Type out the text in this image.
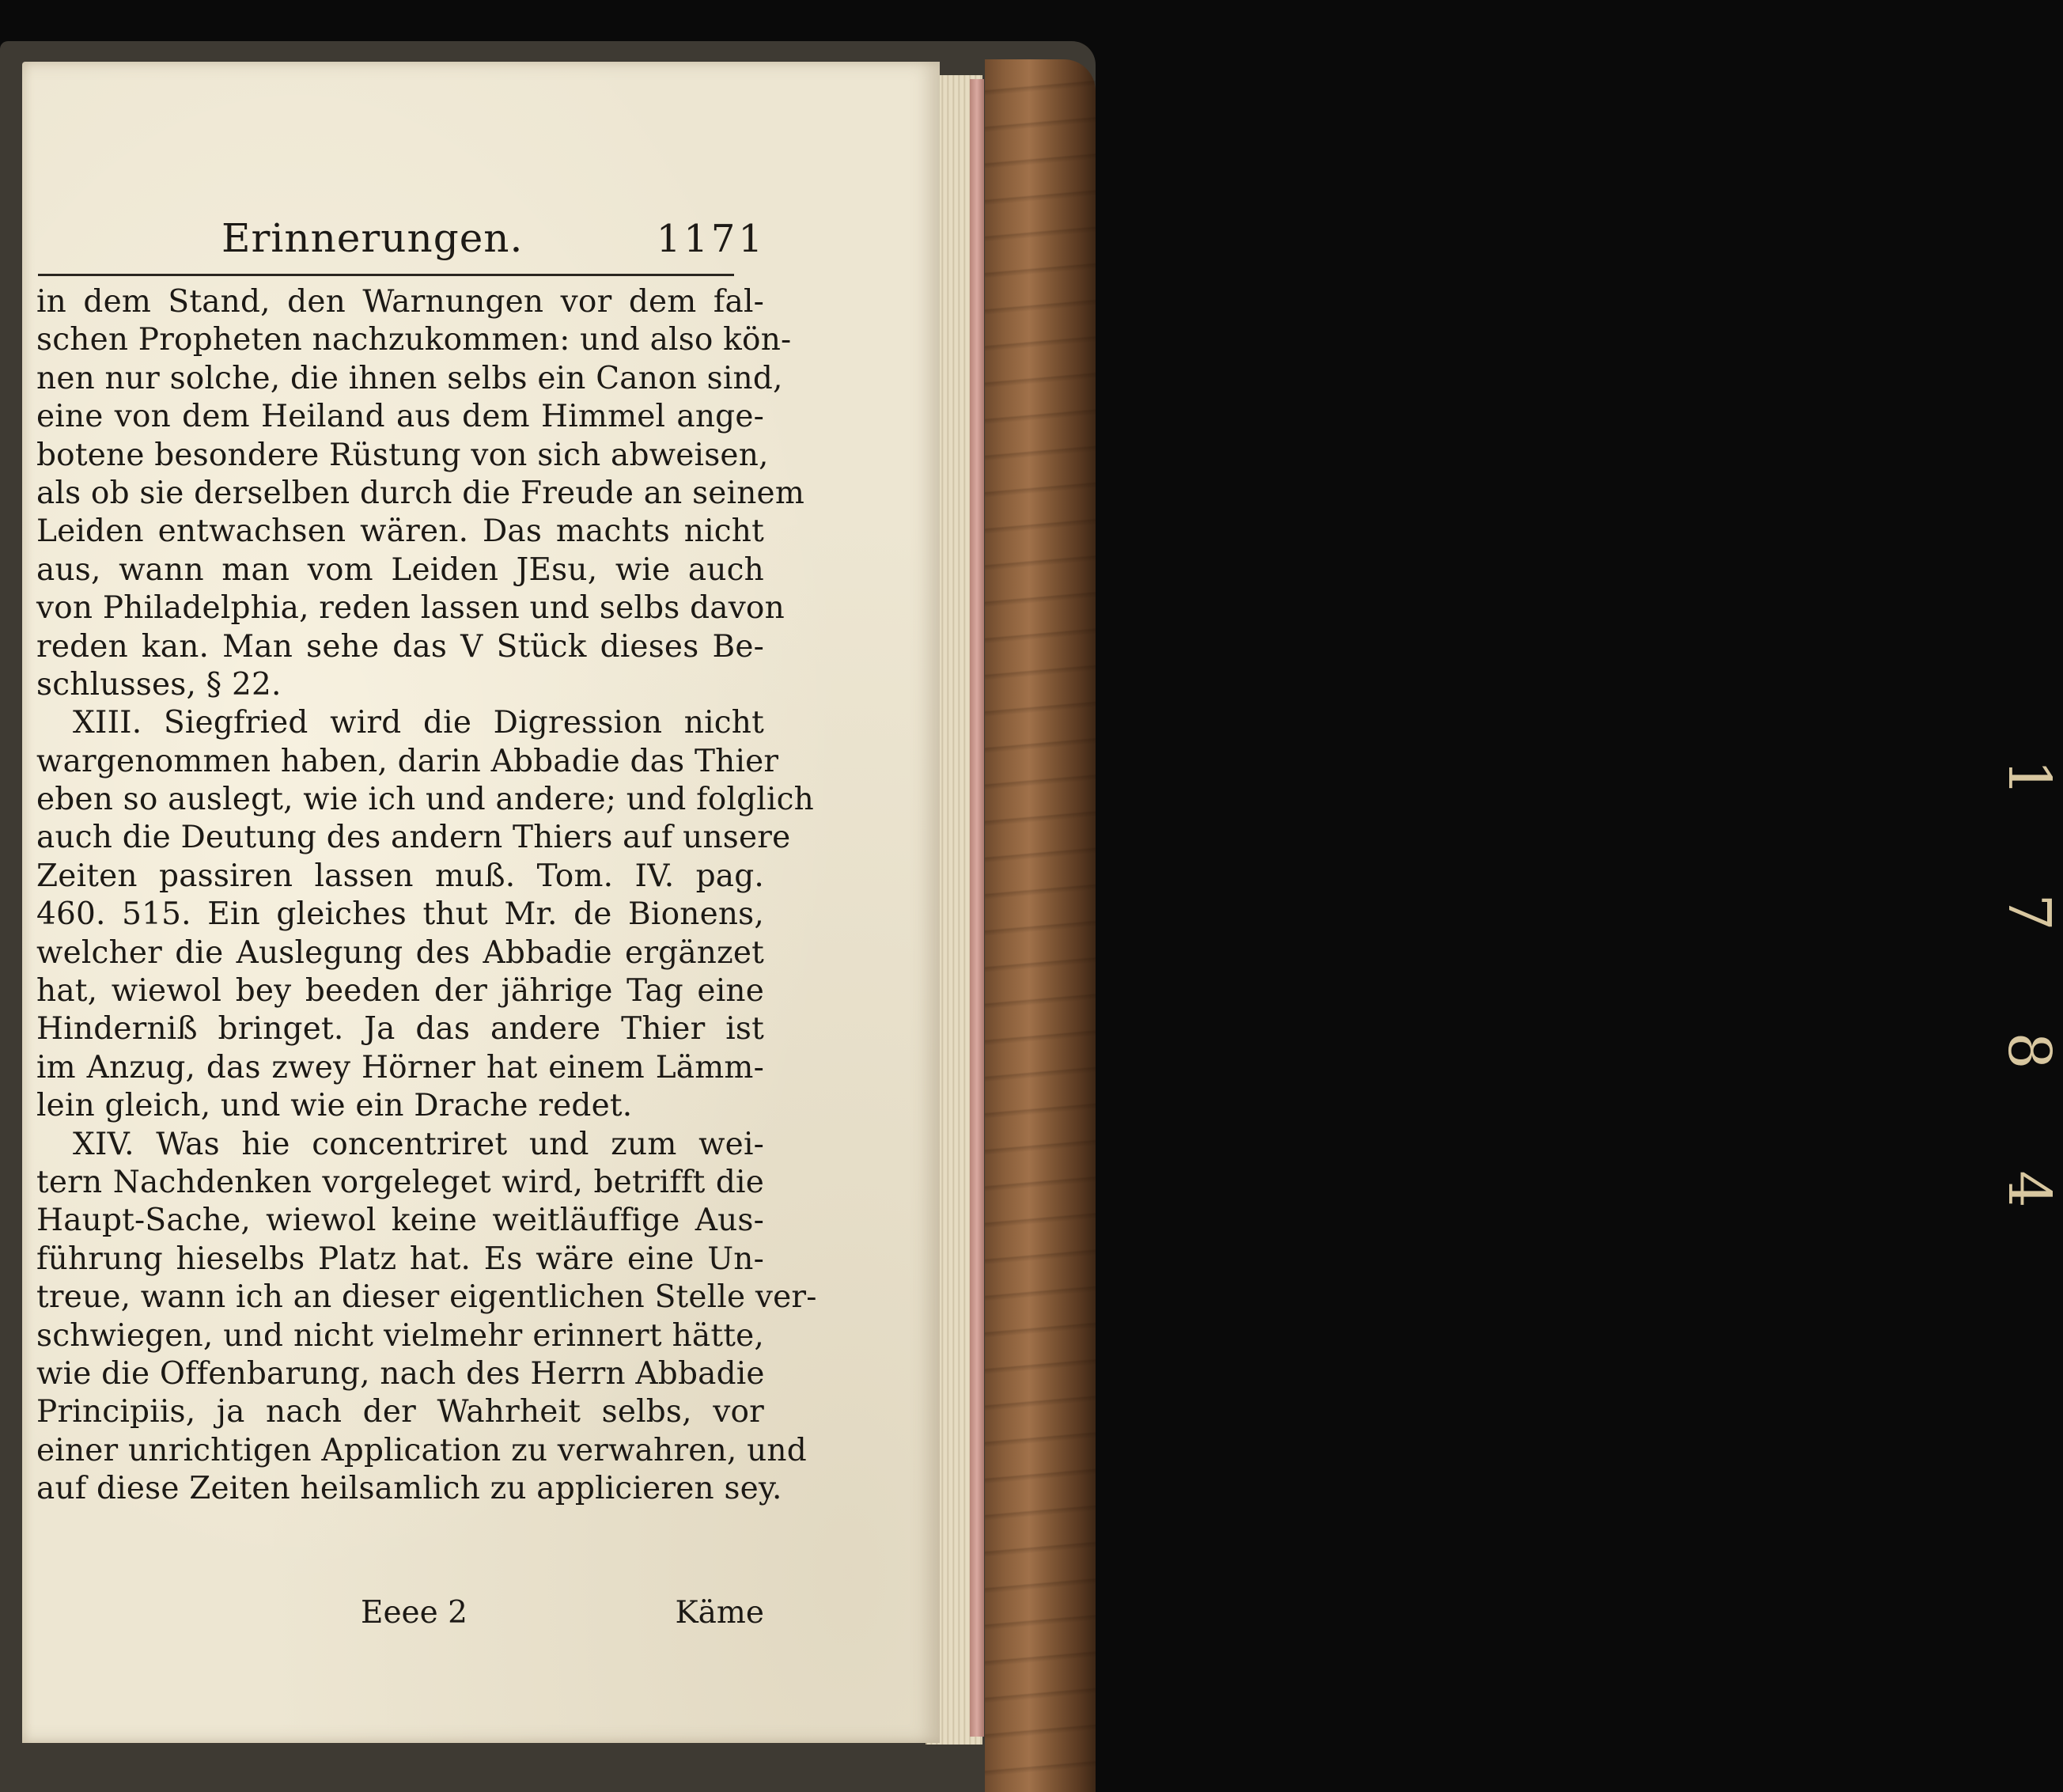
1
7
8
4
Erinnerungen.	1171
in dem Stand, den Warnungen vor dem fal-
schen Propheten nachzukommen: und also kön-
nen nur solche, die ihnen selbs ein Canon sind,
eine von dem Heiland aus dem Himmel ange-
botene besondere Rüstung von sich abweisen,
als ob sie derselben durch die Freude an seinem
Leiden entwachsen wären. Das machts nicht
aus, wann man vom Leiden JEsu, wie auch
von Philadelphia, reden lassen und selbs davon
reden kan. Man sehe das V Stück dieses Be-
schlusses, § 22.
XIII. Siegfried wird die Digression nicht
wargenommen haben, darin Abbadie das Thier
eben so auslegt, wie ich und andere; und folglich
auch die Deutung des andern Thiers auf unsere
Zeiten passiren lassen muß. Tom. IV. pag.
460. 515. Ein gleiches thut Mr. de Bionens,
welcher die Auslegung des Abbadie ergänzet
hat, wiewol bey beeden der jährige Tag eine
Hinderniß bringet. Ja das andere Thier ist
im Anzug, das zwey Hörner hat einem Lämm-
lein gleich, und wie ein Drache redet.
XIV. Was hie concentriret und zum wei-
tern Nachdenken vorgeleget wird, betrifft die
Haupt-Sache, wiewol keine weitläuffige Aus-
führung hieselbs Platz hat. Es wäre eine Un-
treue, wann ich an dieser eigentlichen Stelle ver-
schwiegen, und nicht vielmehr erinnert hätte,
wie die Offenbarung, nach des Herrn Abbadie
Principiis, ja nach der Wahrheit selbs, vor
einer unrichtigen Application zu verwahren, und
auf diese Zeiten heilsamlich zu applicieren sey.
Eeee 2	Käme
